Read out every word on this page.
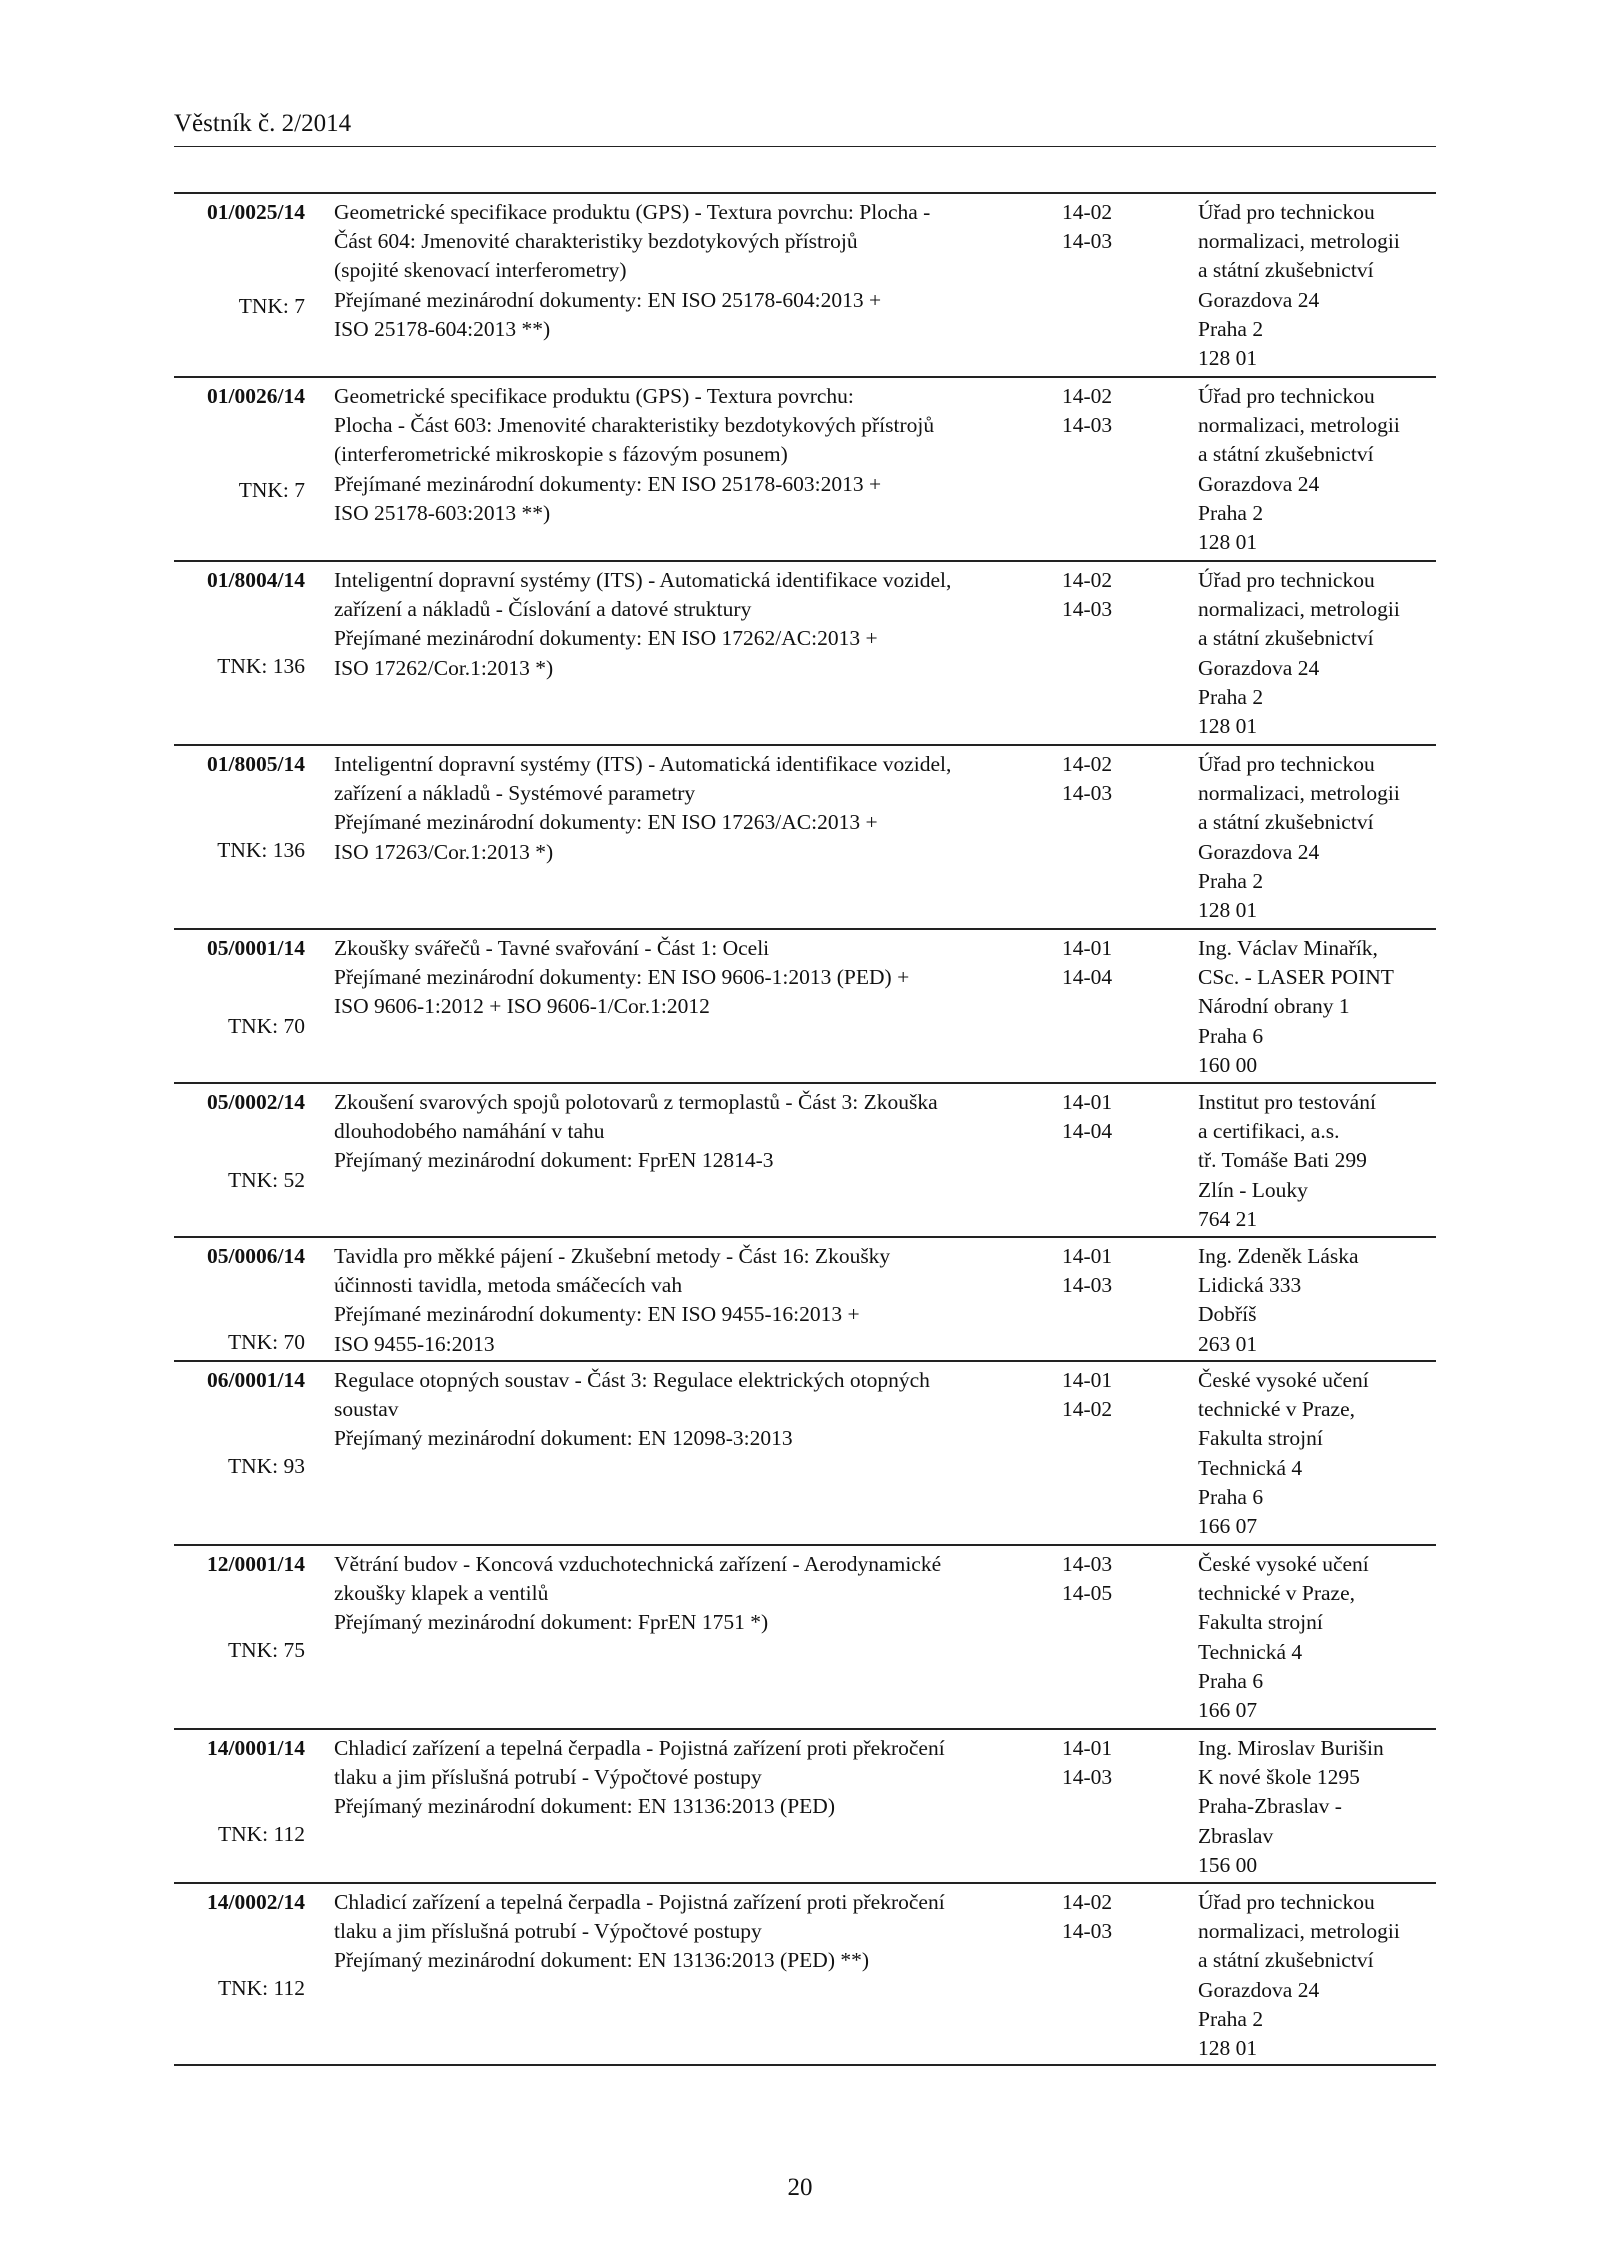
Věstník č. 2/2014
01/0025/14
TNK: 7
Geometrické specifikace produktu (GPS) - Textura povrchu: Plocha -
Část 604: Jmenovité charakteristiky bezdotykových přístrojů
(spojité skenovací interferometry)
Přejímané mezinárodní dokumenty: EN ISO 25178-604:2013 +
ISO 25178-604:2013 **)
14-02
14-03
Úřad pro technickou
normalizaci, metrologii
a státní zkušebnictví
Gorazdova 24
Praha 2
128 01
01/0026/14
TNK: 7
Geometrické specifikace produktu (GPS) - Textura povrchu:
Plocha - Část 603: Jmenovité charakteristiky bezdotykových přístrojů
(interferometrické mikroskopie s fázovým posunem)
Přejímané mezinárodní dokumenty: EN ISO 25178-603:2013 +
ISO 25178-603:2013 **)
14-02
14-03
Úřad pro technickou
normalizaci, metrologii
a státní zkušebnictví
Gorazdova 24
Praha 2
128 01
01/8004/14
TNK: 136
Inteligentní dopravní systémy (ITS) - Automatická identifikace vozidel,
zařízení a nákladů - Číslování a datové struktury
Přejímané mezinárodní dokumenty: EN ISO 17262/AC:2013 +
ISO 17262/Cor.1:2013 *)
14-02
14-03
Úřad pro technickou
normalizaci, metrologii
a státní zkušebnictví
Gorazdova 24
Praha 2
128 01
01/8005/14
TNK: 136
Inteligentní dopravní systémy (ITS) - Automatická identifikace vozidel,
zařízení a nákladů - Systémové parametry
Přejímané mezinárodní dokumenty: EN ISO 17263/AC:2013 +
ISO 17263/Cor.1:2013 *)
14-02
14-03
Úřad pro technickou
normalizaci, metrologii
a státní zkušebnictví
Gorazdova 24
Praha 2
128 01
05/0001/14
TNK: 70
Zkoušky svářečů - Tavné svařování - Část 1: Oceli
Přejímané mezinárodní dokumenty: EN ISO 9606-1:2013 (PED) +
ISO 9606-1:2012 + ISO 9606-1/Cor.1:2012
14-01
14-04
Ing. Václav Minařík,
CSc. - LASER POINT
Národní obrany 1
Praha 6
160 00
05/0002/14
TNK: 52
Zkoušení svarových spojů polotovarů z termoplastů - Část 3: Zkouška
dlouhodobého namáhání v tahu
Přejímaný mezinárodní dokument: FprEN 12814-3
14-01
14-04
Institut pro testování
a certifikaci, a.s.
tř. Tomáše Bati 299
Zlín - Louky
764 21
05/0006/14
TNK: 70
Tavidla pro měkké pájení - Zkušební metody - Část 16: Zkoušky
účinnosti tavidla, metoda smáčecích vah
Přejímané mezinárodní dokumenty: EN ISO 9455-16:2013 +
ISO 9455-16:2013
14-01
14-03
Ing. Zdeněk Láska
Lidická 333
Dobříš
263 01
06/0001/14
TNK: 93
Regulace otopných soustav - Část 3: Regulace elektrických otopných
soustav
Přejímaný mezinárodní dokument: EN 12098-3:2013
14-01
14-02
České vysoké učení
technické v Praze,
Fakulta strojní
Technická 4
Praha 6
166 07
12/0001/14
TNK: 75
Větrání budov - Koncová vzduchotechnická zařízení - Aerodynamické
zkoušky klapek a ventilů
Přejímaný mezinárodní dokument: FprEN 1751 *)
14-03
14-05
České vysoké učení
technické v Praze,
Fakulta strojní
Technická 4
Praha 6
166 07
14/0001/14
TNK: 112
Chladicí zařízení a tepelná čerpadla - Pojistná zařízení proti překročení
tlaku a jim příslušná potrubí - Výpočtové postupy
Přejímaný mezinárodní dokument: EN 13136:2013 (PED)
14-01
14-03
Ing. Miroslav Burišin
K nové škole 1295
Praha-Zbraslav -
Zbraslav
156 00
14/0002/14
TNK: 112
Chladicí zařízení a tepelná čerpadla - Pojistná zařízení proti překročení
tlaku a jim příslušná potrubí - Výpočtové postupy
Přejímaný mezinárodní dokument: EN 13136:2013 (PED) **)
14-02
14-03
Úřad pro technickou
normalizaci, metrologii
a státní zkušebnictví
Gorazdova 24
Praha 2
128 01
20
